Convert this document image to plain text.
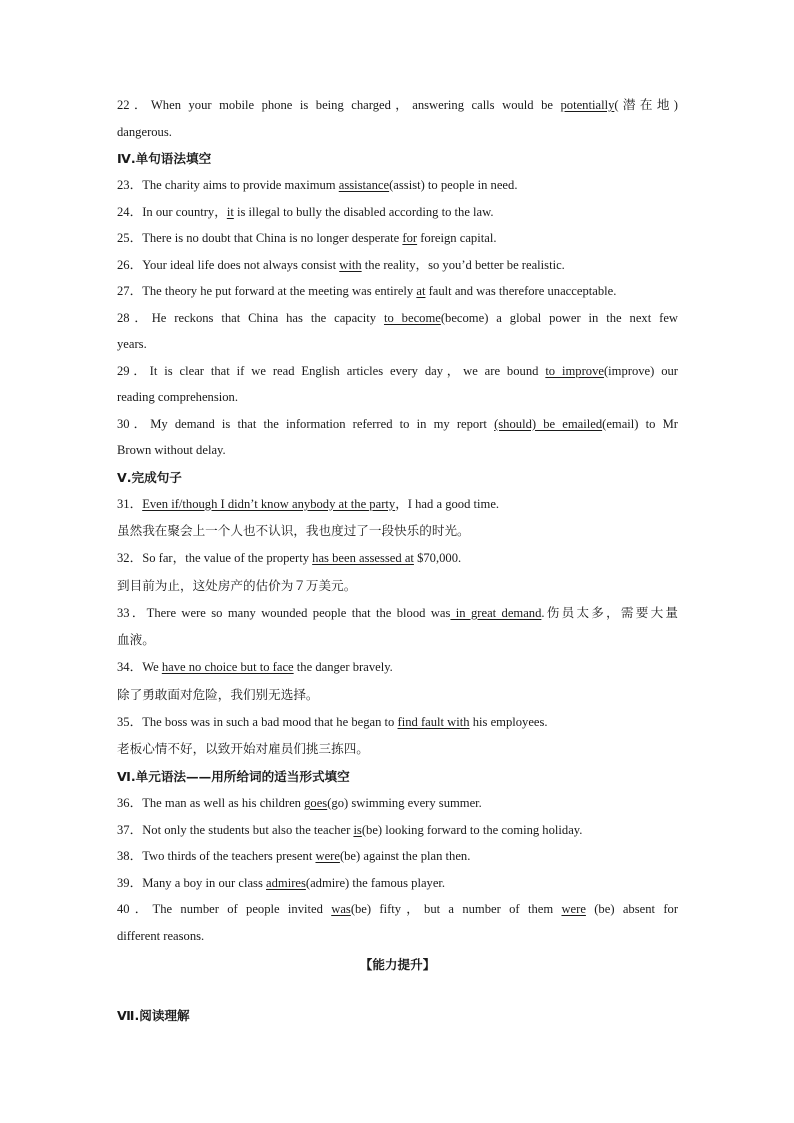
22．When your mobile phone is being charged，answering calls would be potentially(潜在地)
dangerous.
Ⅳ.单句语法填空
23．The charity aims to provide maximum assistance(assist) to people in need.
24．In our country，it is illegal to bully the disabled according to the law.
25．There is no doubt that China is no longer desperate for foreign capital.
26．Your ideal life does not always consist with the reality，so you’d better be realistic.
27．The theory he put forward at the meeting was entirely at fault and was therefore unacceptable.
28．He reckons that China has the capacity to become(become) a global power in the next few
years.
29．It is clear that if we read English articles every day，we are bound to improve(improve) our
reading comprehension.
30．My demand is that the information referred to in my report (should) be emailed(email) to Mr
Brown without delay.
Ⅴ.完成句子
31．Even if/though I didn’t know anybody at the party，I had a good time.
虽然我在聚会上一个人也不认识，我也度过了一段快乐的时光。
32．So far，the value of the property has been assessed at $70,000.
到目前为止，这处房产的估价为７万美元。
33．There were so many wounded people that the blood was in great demand.伤员太多，需要大量
血液。
34．We have no choice but to face the danger bravely.
除了勇敢面对危险，我们别无选择。
35．The boss was in such a bad mood that he began to find fault with his employees.
老板心情不好，以致开始对雇员们挑三拣四。
Ⅵ.单元语法——用所给词的适当形式填空
36．The man as well as his children goes(go) swimming every summer.
37．Not only the students but also the teacher is(be) looking forward to the coming holiday.
38．Two thirds of the teachers present were(be) against the plan then.
39．Many a boy in our class admires(admire) the famous player.
40．The number of people invited was(be) fifty，but a number of them were (be) absent for
different reasons.
【能力提升】
Ⅶ.阅读理解
